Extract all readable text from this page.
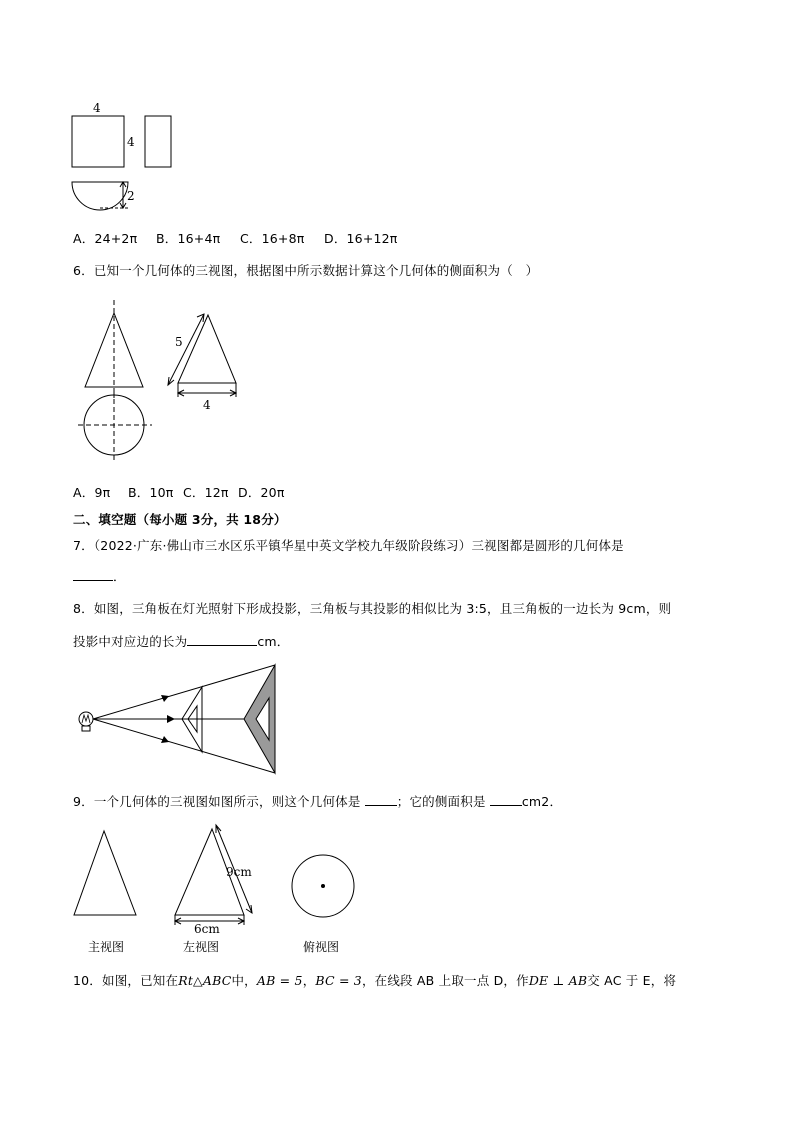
4
4
2
A．24+2π B．16+4π C．16+8π D．16+12π
6．已知一个几何体的三视图，根据图中所示数据计算这个几何体的侧面积为（　）
5
4
A．9π B．10π C．12π D．20π
二、填空题（每小题 3分，共 18分）
7．（2022·广东·佛山市三水区乐平镇华星中英文学校九年级阶段练习）三视图都是圆形的几何体是
．
8．如图，三角板在灯光照射下形成投影，三角板与其投影的相似比为 3:5，且三角板的一边长为 9cm，则
投影中对应边的长为	cm．
9．一个几何体的三视图如图所示，则这个几何体是	；它的侧面积是	cm2．
9cm
6cm
主视图	左视图	俯视图
10．如图，已知在Rt△ABC中，AB = 5，BC = 3，在线段 AB 上取一点 D，作DE ⊥ AB交 AC 于 E，将
